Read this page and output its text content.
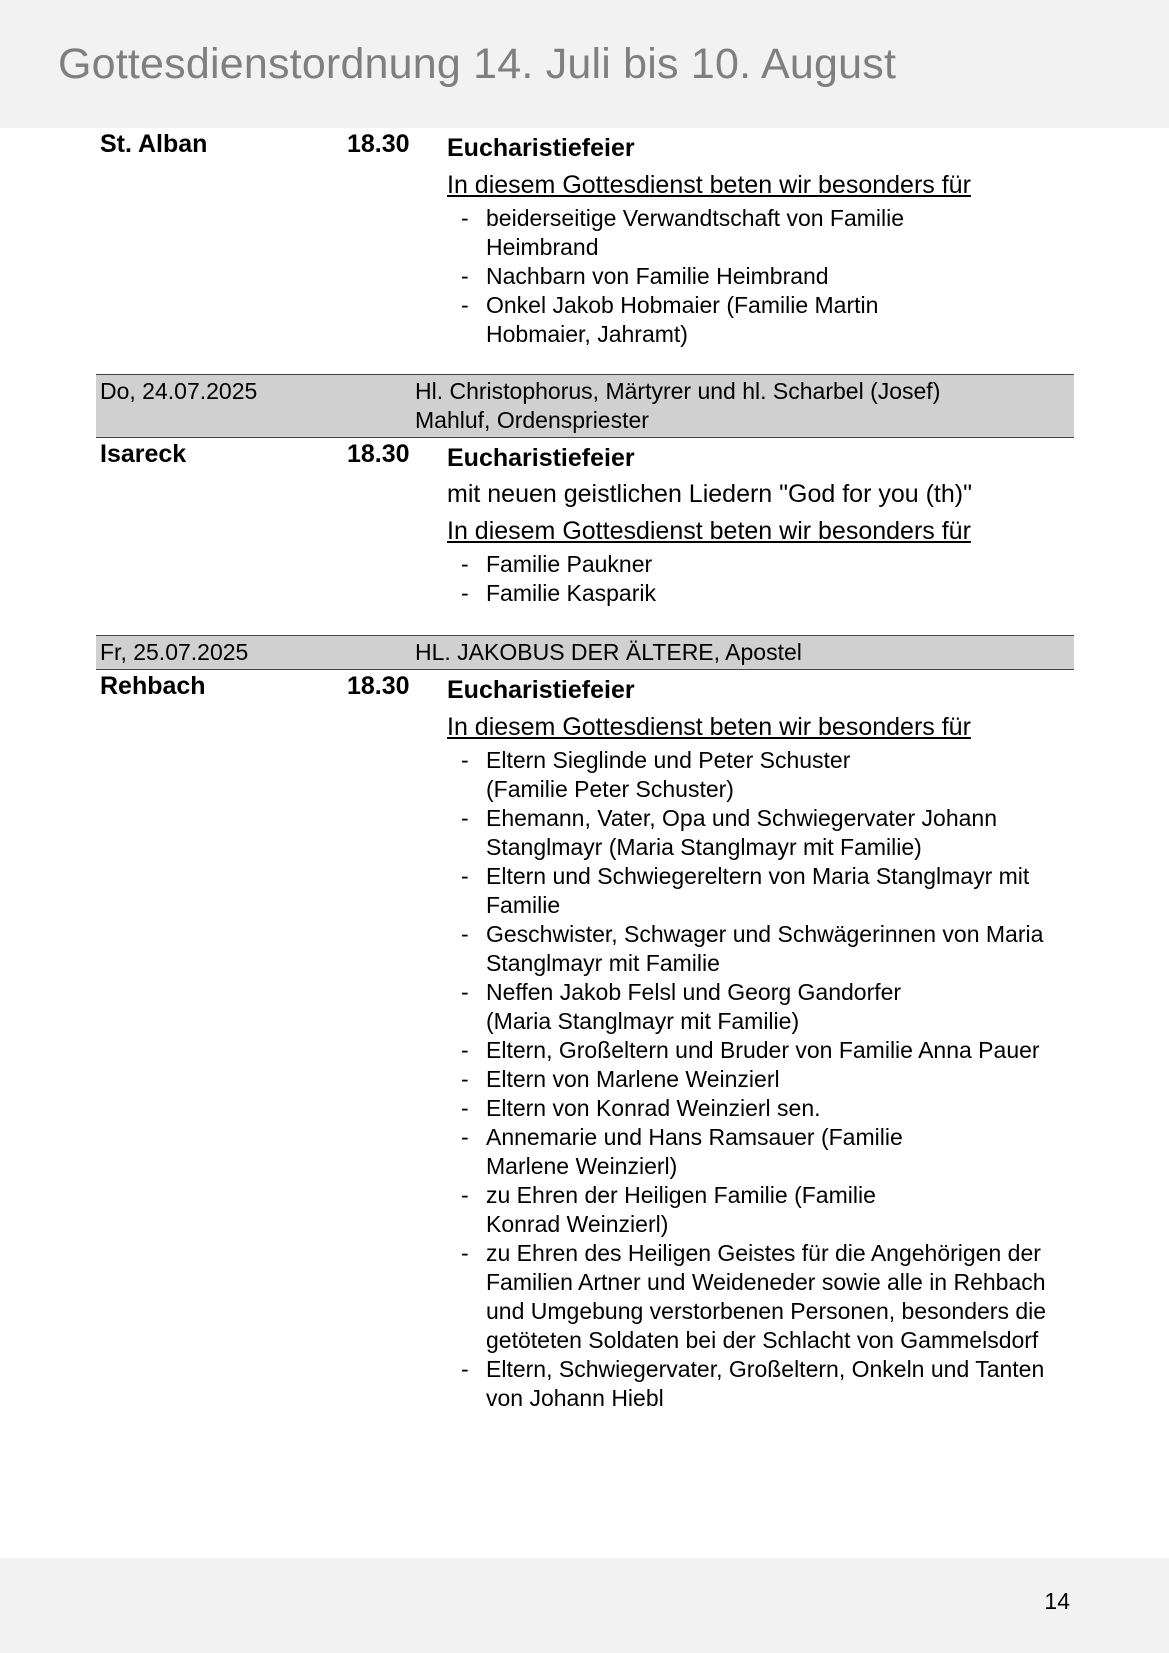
Gottesdienstordnung 14. Juli bis 10. August
St. Alban	18.30 Eucharistiefeier
In diesem Gottesdienst beten wir besonders für
- beiderseitige Verwandtschaft von Familie Heimbrand
- Nachbarn von Familie Heimbrand
- Onkel Jakob Hobmaier (Familie Martin Hobmaier, Jahramt)
Do, 24.07.2025	Hl. Christophorus, Märtyrer und hl. Scharbel (Josef) Mahluf, Ordenspriester
Isareck	18.30 Eucharistiefeier
mit neuen geistlichen Liedern "God for you (th)"
In diesem Gottesdienst beten wir besonders für
- Familie Paukner
- Familie Kasparik
Fr, 25.07.2025	HL. JAKOBUS DER ÄLTERE, Apostel
Rehbach	18.30 Eucharistiefeier
In diesem Gottesdienst beten wir besonders für
- Eltern Sieglinde und Peter Schuster (Familie Peter Schuster)
- Ehemann, Vater, Opa und Schwiegervater Johann Stanglmayr (Maria Stanglmayr mit Familie)
- Eltern und Schwiegereltern von Maria Stanglmayr mit Familie
- Geschwister, Schwager und Schwägerinnen von Maria Stanglmayr mit Familie
- Neffen Jakob Felsl und Georg Gandorfer (Maria Stanglmayr mit Familie)
- Eltern, Großeltern und Bruder von Familie Anna Pauer
- Eltern von Marlene Weinzierl
- Eltern von Konrad Weinzierl sen.
- Annemarie und Hans Ramsauer (Familie Marlene Weinzierl)
- zu Ehren der Heiligen Familie (Familie Konrad Weinzierl)
- zu Ehren des Heiligen Geistes für die Angehörigen der Familien Artner und Weideneder sowie alle in Rehbach und Umgebung verstorbenen Personen, besonders die getöteten Soldaten bei der Schlacht von Gammelsdorf
- Eltern, Schwiegervater, Großeltern, Onkeln und Tanten von Johann Hiebl
14
